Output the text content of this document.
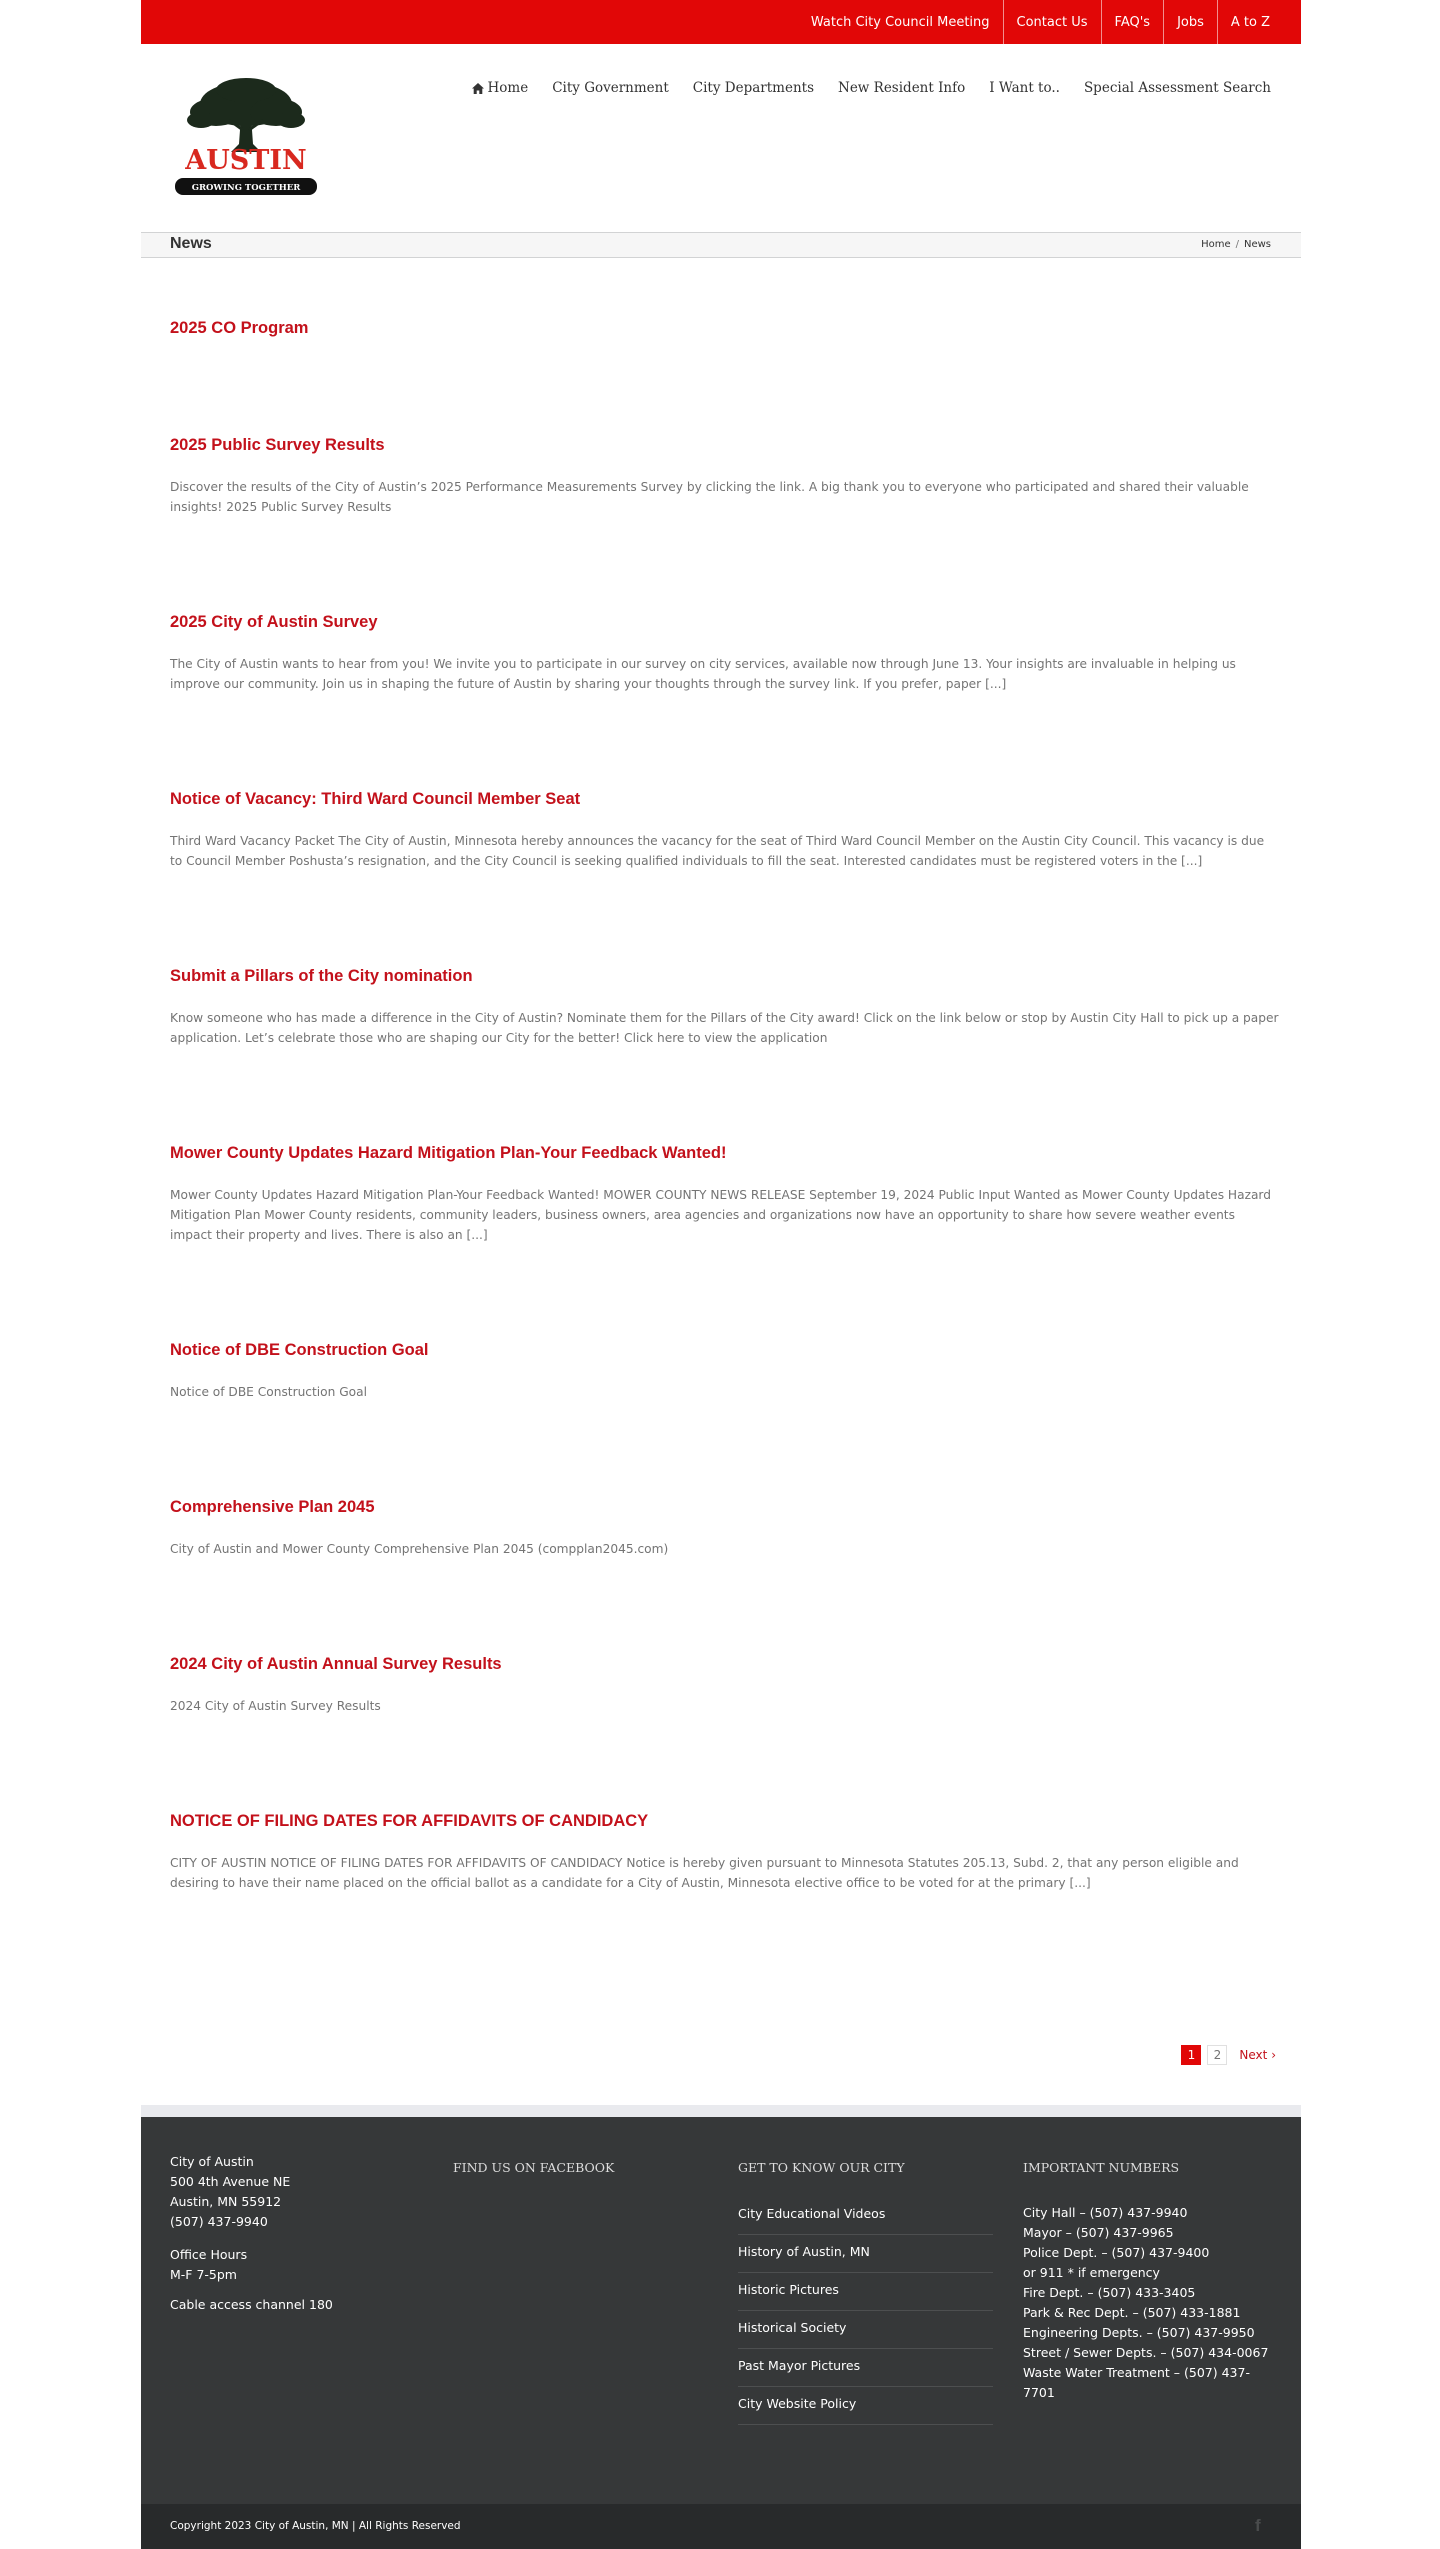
Watch City Council Meeting	Contact Us	FAQ's	Jobs	A to Z
AUSTIN
GROWING TOGETHER
Home	City Government	City Departments	New Resident Info	I Want to..	Special Assessment Search
News	Home / News
2025 CO Program
2025 Public Survey Results

Discover the results of the City of Austin’s 2025 Performance Measurements Survey by clicking the link. A big thank you to everyone who participated and shared their valuable insights! 2025 Public Survey Results

2025 City of Austin Survey

The City of Austin wants to hear from you! We invite you to participate in our survey on city services, available now through June 13. Your insights are invaluable in helping us improve our community. Join us in shaping the future of Austin by sharing your thoughts through the survey link. If you prefer, paper [...]

Notice of Vacancy: Third Ward Council Member Seat

Third Ward Vacancy Packet The City of Austin, Minnesota hereby announces the vacancy for the seat of Third Ward Council Member on the Austin City Council. This vacancy is due to Council Member Poshusta’s resignation, and the City Council is seeking qualified individuals to fill the seat. Interested candidates must be registered voters in the [...]

Submit a Pillars of the City nomination

Know someone who has made a difference in the City of Austin? Nominate them for the Pillars of the City award! Click on the link below or stop by Austin City Hall to pick up a paper application. Let’s celebrate those who are shaping our City for the better! Click here to view the application

Mower County Updates Hazard Mitigation Plan-Your Feedback Wanted!

Mower County Updates Hazard Mitigation Plan-Your Feedback Wanted! MOWER COUNTY NEWS RELEASE September 19, 2024 Public Input Wanted as Mower County Updates Hazard Mitigation Plan Mower County residents, community leaders, business owners, area agencies and organizations now have an opportunity to share how severe weather events impact their property and lives. There is also an [...]

Notice of DBE Construction Goal

Notice of DBE Construction Goal

Comprehensive Plan 2045

City of Austin and Mower County Comprehensive Plan 2045 (compplan2045.com)

2024 City of Austin Annual Survey Results

2024 City of Austin Survey Results

NOTICE OF FILING DATES FOR AFFIDAVITS OF CANDIDACY

CITY OF AUSTIN NOTICE OF FILING DATES FOR AFFIDAVITS OF CANDIDACY Notice is hereby given pursuant to Minnesota Statutes 205.13, Subd. 2, that any person eligible and desiring to have their name placed on the official ballot as a candidate for a City of Austin, Minnesota elective office to be voted for at the primary [...]

1	2	Next ›
City of Austin
500 4th Avenue NE
Austin, MN 55912
(507) 437-9940
Office Hours
M-F 7-5pm
Cable access channel 180
FIND US ON FACEBOOK	GET TO KNOW OUR CITY
City Educational Videos
History of Austin, MN
Historic Pictures
Historical Society
Past Mayor Pictures
City Website Policy
IMPORTANT NUMBERS
City Hall – (507) 437-9940
Mayor – (507) 437-9965
Police Dept. – (507) 437-9400
or 911 * if emergency
Fire Dept. – (507) 433-3405
Park & Rec Dept. – (507) 433-1881
Engineering Depts. – (507) 437-9950
Street / Sewer Depts. – (507) 434-0067
Waste Water Treatment – (507) 437-7701
Copyright 2023 City of Austin, MN | All Rights Reserved	f
